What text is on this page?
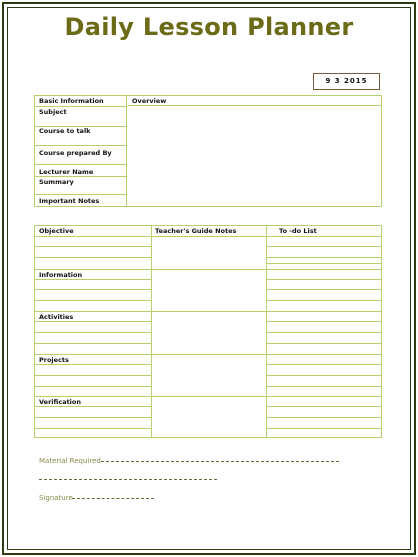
Daily Lesson Planner
9 3 2015
Basic Information	Overview
Subject
Course to talk
Course prepared By
Lecturer Name
Summary
Important Notes
Objective	Teacher's Guide Notes	To -do List
Information
Activities
Projects
Verification
Material Required
Signature
